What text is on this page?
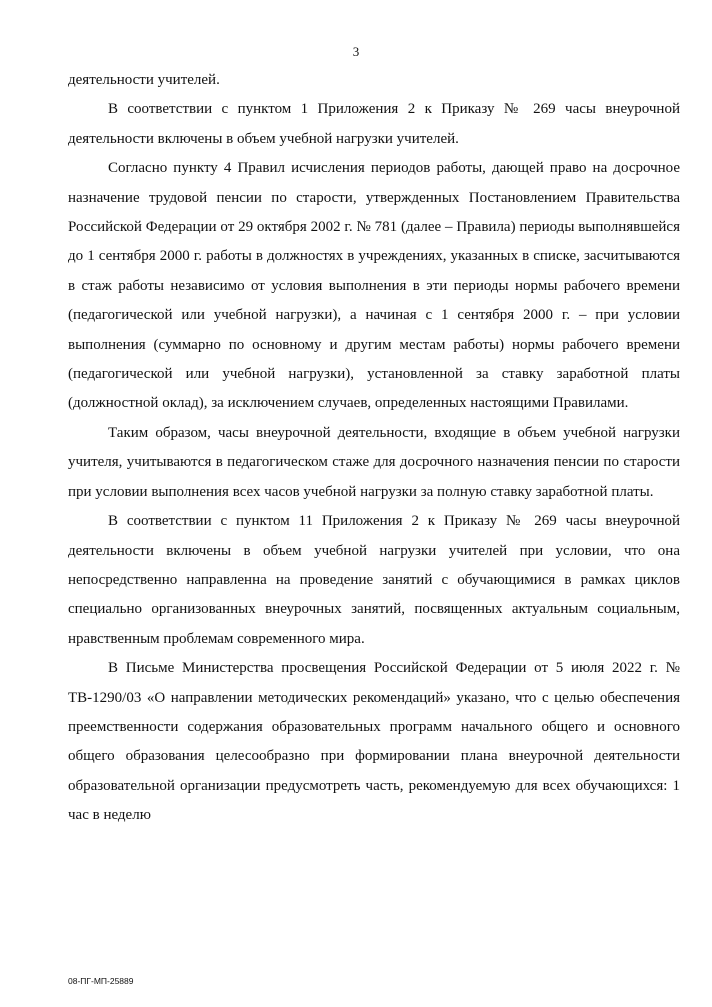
3

деятельности учителей.

В соответствии с пунктом 1 Приложения 2 к Приказу № 269 часы внеурочной деятельности включены в объем учебной нагрузки учителей.

Согласно пункту 4 Правил исчисления периодов работы, дающей право на досрочное назначение трудовой пенсии по старости, утвержденных Постановлением Правительства Российской Федерации от 29 октября 2002 г. № 781 (далее – Правила) периоды выполнявшейся до 1 сентября 2000 г. работы в должностях в учреждениях, указанных в списке, засчитываются в стаж работы независимо от условия выполнения в эти периоды нормы рабочего времени (педагогической или учебной нагрузки), а начиная с 1 сентября 2000 г. – при условии выполнения (суммарно по основному и другим местам работы) нормы рабочего времени (педагогической или учебной нагрузки), установленной за ставку заработной платы (должностной оклад), за исключением случаев, определенных настоящими Правилами.

Таким образом, часы внеурочной деятельности, входящие в объем учебной нагрузки учителя, учитываются в педагогическом стаже для досрочного назначения пенсии по старости при условии выполнения всех часов учебной нагрузки за полную ставку заработной платы.

В соответствии с пунктом 11 Приложения 2 к Приказу № 269 часы внеурочной деятельности включены в объем учебной нагрузки учителей при условии, что она непосредственно направленна на проведение занятий с обучающимися в рамках циклов специально организованных внеурочных занятий, посвященных актуальным социальным, нравственным проблемам современного мира.

В Письме Министерства просвещения Российской Федерации от 5 июля 2022 г. № ТВ-1290/03 «О направлении методических рекомендаций» указано, что с целью обеспечения преемственности содержания образовательных программ начального общего и основного общего образования целесообразно при формировании плана внеурочной деятельности образовательной организации предусмотреть часть, рекомендуемую для всех обучающихся: 1 час в неделю

08-ПГ-МП-25889
